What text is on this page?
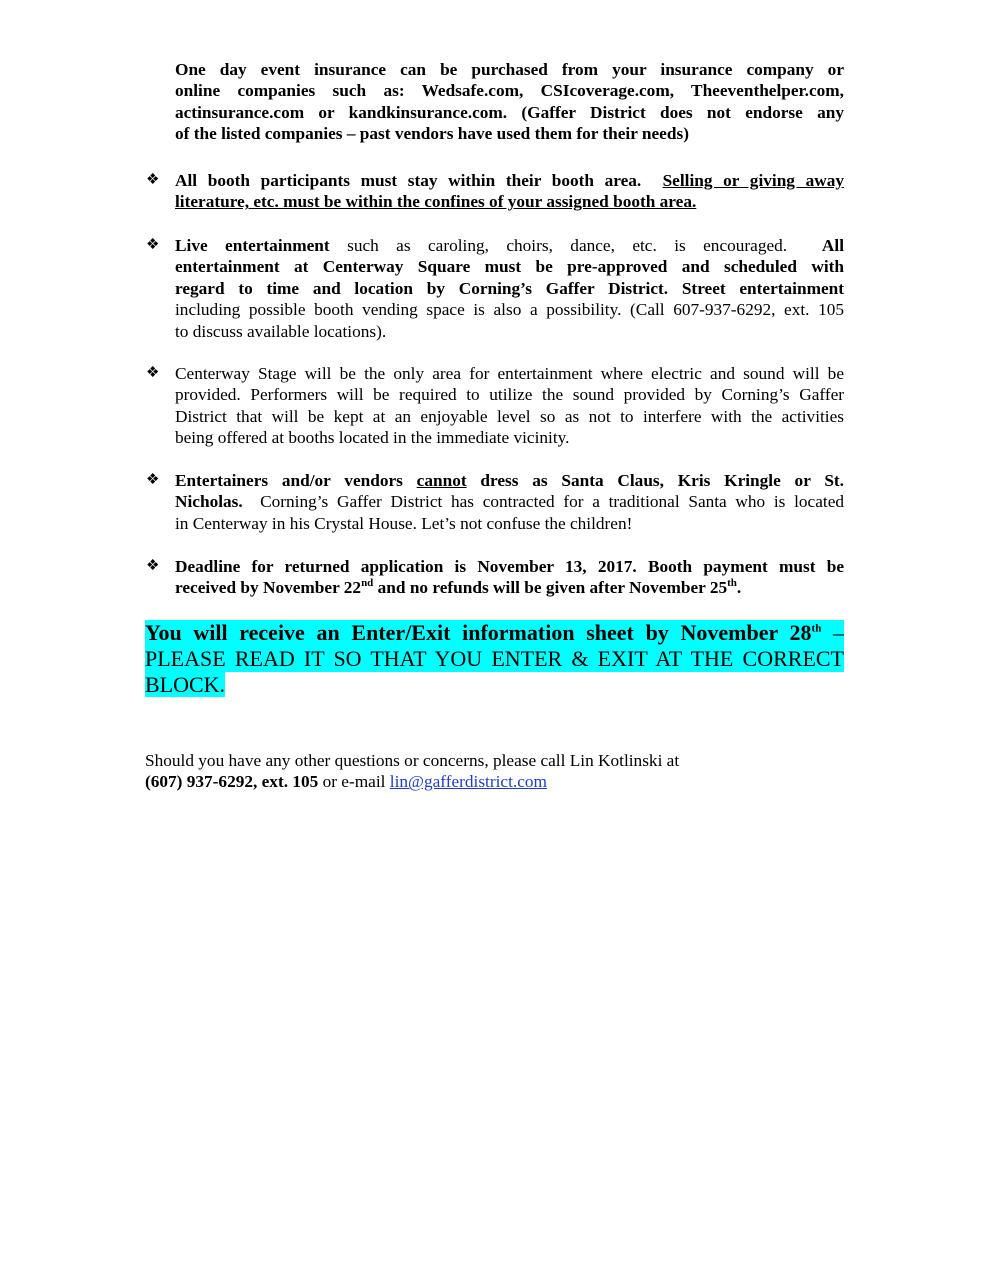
One day event insurance can be purchased from your insurance company or
online companies such as: Wedsafe.com, CSIcoverage.com, Theeventhelper.com,
actinsurance.com or kandkinsurance.com. (Gaffer District does not endorse any
of the listed companies – past vendors have used them for their needs)
❖ All booth participants must stay within their booth area. Selling or giving away
literature, etc. must be within the confines of your assigned booth area.
❖ Live entertainment such as caroling, choirs, dance, etc. is encouraged. All
entertainment at Centerway Square must be pre-approved and scheduled with
regard to time and location by Corning’s Gaffer District. Street entertainment
including possible booth vending space is also a possibility. (Call 607-937-6292, ext. 105
to discuss available locations).
❖ Centerway Stage will be the only area for entertainment where electric and sound will be
provided. Performers will be required to utilize the sound provided by Corning’s Gaffer
District that will be kept at an enjoyable level so as not to interfere with the activities
being offered at booths located in the immediate vicinity.
❖ Entertainers and/or vendors cannot dress as Santa Claus, Kris Kringle or St.
Nicholas. Corning’s Gaffer District has contracted for a traditional Santa who is located
in Centerway in his Crystal House. Let’s not confuse the children!
❖ Deadline for returned application is November 13, 2017. Booth payment must be
received by November 22nd and no refunds will be given after November 25th.
You will receive an Enter/Exit information sheet by November 28th –
PLEASE READ IT SO THAT YOU ENTER & EXIT AT THE CORRECT
BLOCK.
Should you have any other questions or concerns, please call Lin Kotlinski at
(607) 937-6292, ext. 105 or e-mail lin@gafferdistrict.com
